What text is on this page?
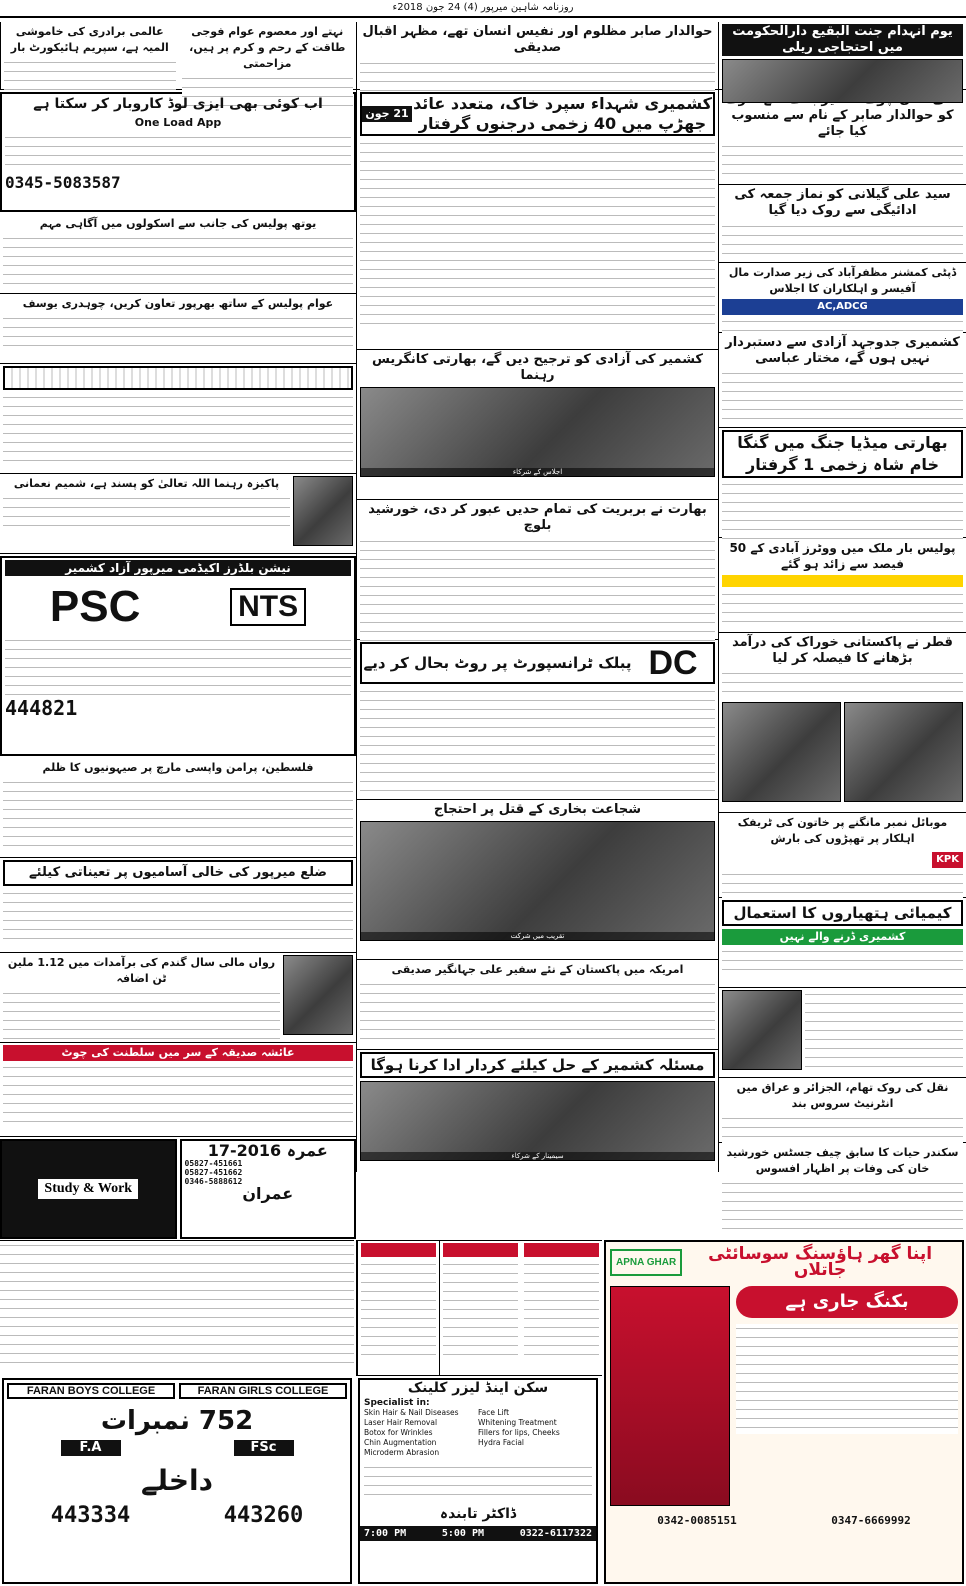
روزنامہ شاہین میرپور (4) 24 جون 2018ء
یوم انہدام جنت البقیع دارالحکومت میں احتجاجی ریلی
کو حوالدار صابر کے نام سے منسوب کیا جائے
سید علی گیلانی کو نماز جمعہ کی ادائیگی سے روک دیا گیا
ڈپٹی کمشنر مظفرآباد کی زیر صدارت مال آفیسر و اہلکاران کا اجلاس
AC,ADCG
کشمیری جدوجہد آزادی سے دستبردار نہیں ہوں گے، مختار عباسی
بھارتی میڈیا جنگ میں گنگا خام شاہ زخمی 1 گرفتار
پولیس بار ملک میں ووٹرز آبادی کے 50 فیصد سے زائد ہو گئے
قطر نے پاکستانی خوراک کی درآمد بڑھانے کا فیصلہ کر لیا
موبائل نمبر مانگنے پر خاتون کی ٹریفک اہلکار پر تھپڑوں کی بارش
KPK
کیمیائی ہتھیاروں کا استعمال
کشمیری ڈرنے والے نہیں
نقل کی روک تھام، الجزائر و عراق میں انٹرنیٹ سروس بند
سکندر حیات کا سابق چیف جسٹس خورشید خان کی وفات پر اظہار افسوس
حوالدار صابر مظلوم اور نفیس انسان تھے، مظہر اقبال صدیقی
کشمیری شہداء سپرد خاک، متعدد عائد جھڑپ میں 40 زخمی درجنوں گرفتار
21 جون
کشمیر کی آزادی کو ترجیح دیں گے، بھارتی کانگریس رہنما
اجلاس کے شرکاء
بھارت نے بربریت کی تمام حدیں عبور کر دی، خورشید بلوچ
DC
پبلک ٹرانسپورٹ پر روٹ بحال کر دیے
شجاعت بخاری کے قتل پر احتجاج
تقریب میں شرکت
امریکہ میں پاکستان کے نئے سفیر علی جہانگیر صدیقی
مسئلہ کشمیر کے حل کیلئے کردار ادا کرنا ہوگا
سیمینار کے شرکاء
عالمی برادری کی خاموشی المیہ ہے، سپریم ہائیکورٹ بار
نہتے اور معصوم عوام فوجی طاقت کے رحم و کرم پر ہیں، مزاحمتی
اب کوئی بھی ایزی لوڈ کاروبار کر سکتا ہے
One Load App
0345-5083587
یوتھ پولیس کی جانب سے اسکولوں میں آگاہی مہم
عوام پولیس کے ساتھ بھرپور تعاون کریں، چوہدری یوسف
پاکیزہ رہنما اللہ تعالیٰ کو پسند ہے، شمیم نعمانی
نیشن بلڈرز اکیڈمی میرپور آزاد کشمیر
NTS
PSC
444821
فلسطین، پرامن واپسی مارچ پر صیہونیوں کا ظلم
ضلع میرپور کی خالی آسامیوں پر تعیناتی کیلئے
رواں مالی سال گندم کی برآمدات میں 1.12 ملین ٹن اضافہ
عائشہ صدیقہ کے سر میں سلطنت کی چوٹ
Study & Work
عمرہ 2016-17
05827-451661
05827-451662
0346-5888612
عمران
FARAN BOYS COLLEGE	FARAN GIRLS COLLEGE
752 نمبرات
F.A	FSc
داخلے
443334	443260
سکن اینڈ لیزر کلینک
Specialist in:
Skin Hair & Nail Diseases	Face Lift
Laser Hair Removal	Whitening Treatment
Botox for Wrinkles	Fillers for lips, Cheeks
Chin Augmentation	Hydra Facial
Microderm Abrasion
ڈاکٹر تابندہ
7:00 PM	5:00 PM	0322-6117322
اپنا گھر ہاؤسنگ سوسائٹی جاتلاں
APNA GHAR
بکنگ جاری ہے
0342-0085151	0347-6669992
